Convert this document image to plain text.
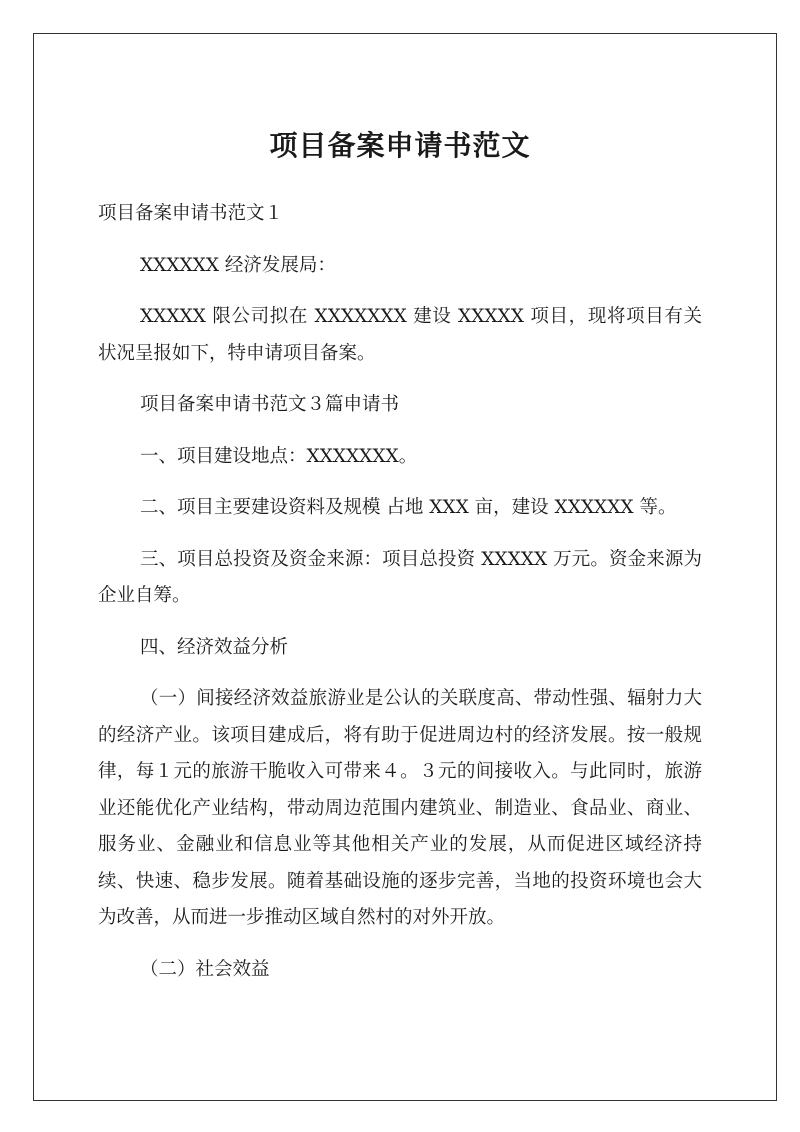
项目备案申请书范文

项目备案申请书范文１

XXXXXX 经济发展局：

XXXXX 限公司拟在 XXXXXXX 建设 XXXXX 项目，现将项目有关状况呈报如下，特申请项目备案。

项目备案申请书范文３篇申请书

一、项目建设地点：XXXXXXX。

二、项目主要建设资料及规模 占地 XXX 亩，建设 XXXXXX 等。

三、项目总投资及资金来源：项目总投资 XXXXX 万元。资金来源为企业自筹。

四、经济效益分析

（一）间接经济效益旅游业是公认的关联度高、带动性强、辐射力大的经济产业。该项目建成后，将有助于促进周边村的经济发展。按一般规律，每１元的旅游干脆收入可带来４。３元的间接收入。与此同时，旅游业还能优化产业结构，带动周边范围内建筑业、制造业、食品业、商业、服务业、金融业和信息业等其他相关产业的发展，从而促进区域经济持续、快速、稳步发展。随着基础设施的逐步完善，当地的投资环境也会大为改善，从而进一步推动区域自然村的对外开放。

（二）社会效益
